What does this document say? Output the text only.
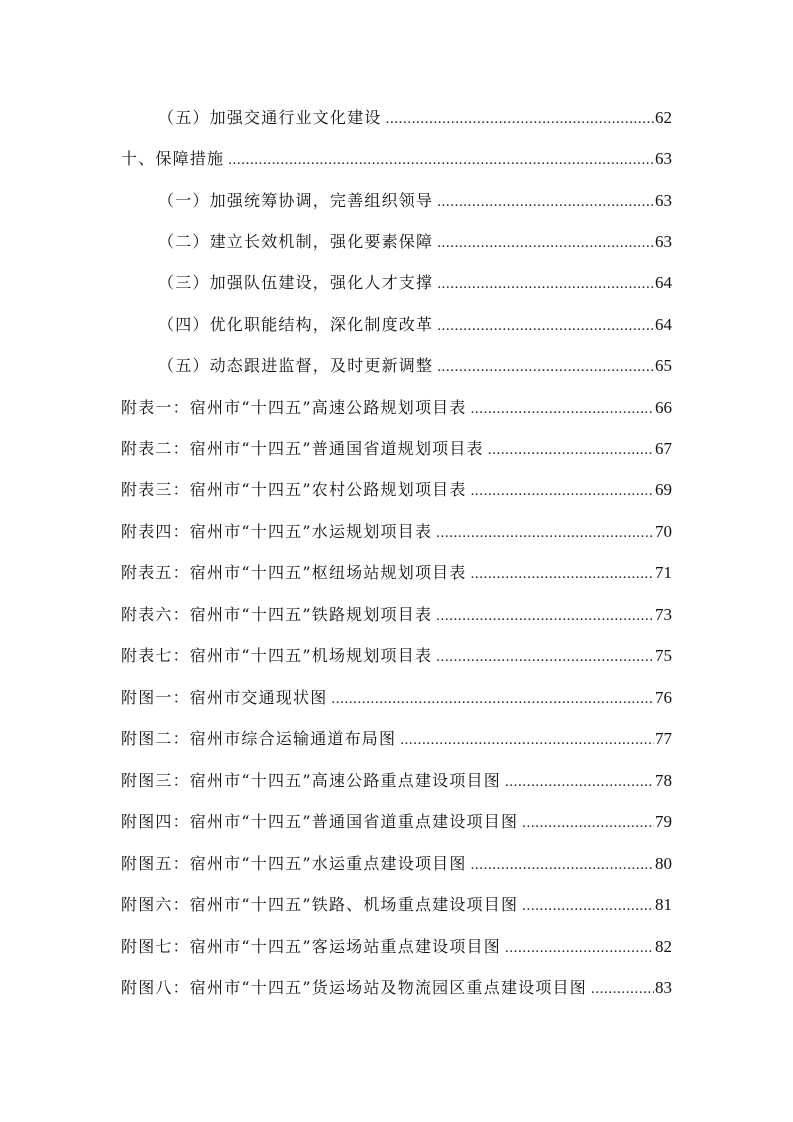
（五）加强交通行业文化建设 .....	62
十、保障措施 .....	63
（一）加强统筹协调，完善组织领导 .....	63
（二）建立长效机制，强化要素保障 .....	63
（三）加强队伍建设，强化人才支撑 .....	64
（四）优化职能结构，深化制度改革 .....	64
（五）动态跟进监督，及时更新调整 .....	65
附表一：宿州市“十四五”高速公路规划项目表 .....	66
附表二：宿州市“十四五”普通国省道规划项目表 .....	67
附表三：宿州市“十四五”农村公路规划项目表 .....	69
附表四：宿州市“十四五”水运规划项目表 .....	70
附表五：宿州市“十四五”枢纽场站规划项目表 .....	71
附表六：宿州市“十四五”铁路规划项目表 .....	73
附表七：宿州市“十四五”机场规划项目表 .....	75
附图一：宿州市交通现状图 .....	76
附图二：宿州市综合运输通道布局图 .....	77
附图三：宿州市“十四五”高速公路重点建设项目图 .....	78
附图四：宿州市“十四五”普通国省道重点建设项目图 .....	79
附图五：宿州市“十四五”水运重点建设项目图 .....	80
附图六：宿州市“十四五”铁路、机场重点建设项目图 .....	81
附图七：宿州市“十四五”客运场站重点建设项目图 .....	82
附图八：宿州市“十四五”货运场站及物流园区重点建设项目图 .....	83
